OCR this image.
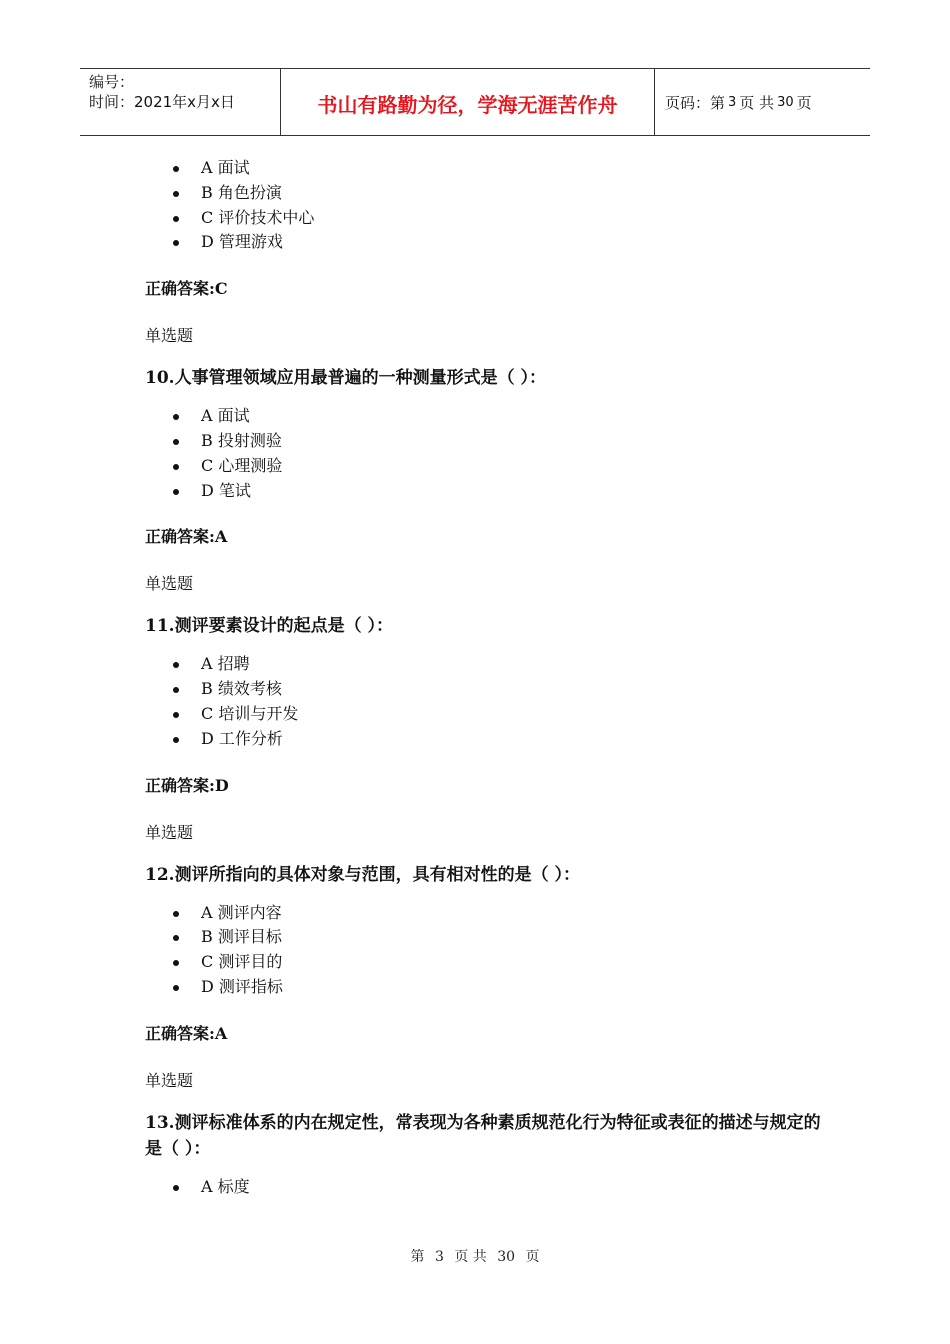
编号：
时间：2021年x月x日	书山有路勤为径，学海无涯苦作舟	页码：第 3 页 共 30 页
A 面试
B 角色扮演
C 评价技术中心
D 管理游戏
正确答案:C
单选题
10.人事管理领域应用最普遍的一种测量形式是（ ）：
A 面试
B 投射测验
C 心理测验
D 笔试
正确答案:A
单选题
11.测评要素设计的起点是（ ）：
A 招聘
B 绩效考核
C 培训与开发
D 工作分析
正确答案:D
单选题
12.测评所指向的具体对象与范围，具有相对性的是（ ）：
A 测评内容
B 测评目标
C 测评目的
D 测评指标
正确答案:A
单选题
13.测评标准体系的内在规定性，常表现为各种素质规范化行为特征或表征的描述与规定的是（ ）：
A 标度
第 3 页 共 30 页
